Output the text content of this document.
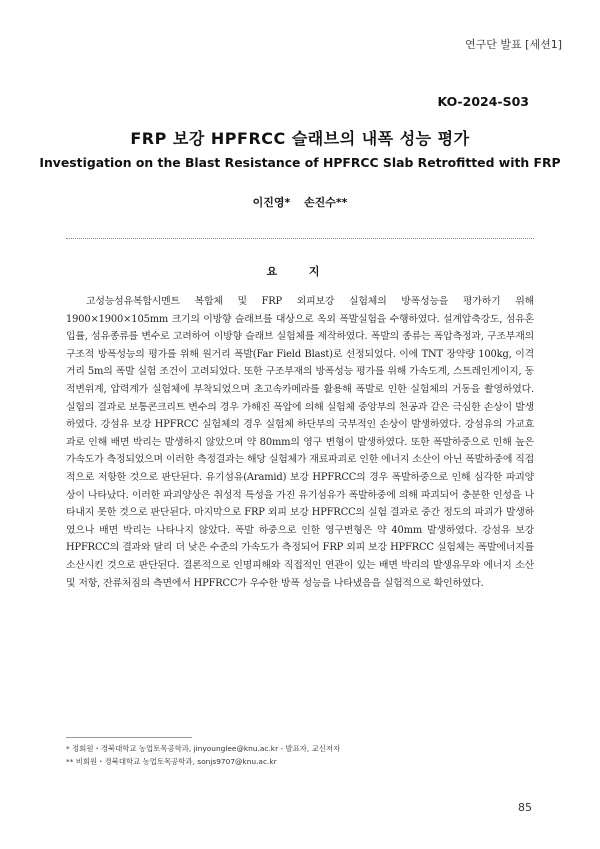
연구단 발표 [세션1]
KO-2024-S03
FRP 보강 HPFRCC 슬래브의 내폭 성능 평가
Investigation on the Blast Resistance of HPFRCC Slab Retrofitted with FRP
이진영* 손진수**
요 지
고성능섬유복합시멘트 복합체 및 FRP 외피보강 실험체의 방폭성능을 평가하기 위해 1900×1900×105mm 크기의 이방향 슬래브를 대상으로 옥외 폭발실험을 수행하였다. 설계압축강도, 섬유혼입률, 섬유종류를 변수로 고려하여 이방향 슬래브 실험체를 제작하였다. 폭발의 종류는 폭압측정과, 구조부재의 구조적 방폭성능의 평가를 위해 원거리 폭발(Far Field Blast)로 선정되었다. 이에 TNT 장약량 100kg, 이격거리 5m의 폭발 실험 조건이 고려되었다. 또한 구조부재의 방폭성능 평가를 위해 가속도계, 스트레인게이지, 동적변위계, 압력계가 실험체에 부착되었으며 초고속카메라를 활용해 폭발로 인한 실험체의 거동을 촬영하였다. 실험의 결과로 보통콘크리트 변수의 경우 가해진 폭압에 의해 실험체 중앙부의 천공과 같은 극심한 손상이 발생하였다. 강섬유 보강 HPFRCC 실험체의 경우 실험체 하단부의 국부적인 손상이 발생하였다. 강섬유의 가교효과로 인해 배면 박리는 발생하지 않았으며 약 80mm의 영구 변형이 발생하였다. 또한 폭발하중으로 인해 높은 가속도가 측정되었으며 이러한 측정결과는 해당 실험체가 재료파괴로 인한 에너지 소산이 아닌 폭발하중에 직접적으로 저항한 것으로 판단된다. 유기섬유(Aramid) 보강 HPFRCC의 경우 폭발하중으로 인해 심각한 파괴양상이 나타났다. 이러한 파괴양상은 취성적 특성을 가진 유기섬유가 폭발하중에 의해 파괴되어 충분한 인성을 나타내지 못한 것으로 판단된다. 마지막으로 FRP 외피 보강 HPFRCC의 실험 결과로 중간 정도의 파괴가 발생하였으나 배면 박리는 나타나지 않았다. 폭발 하중으로 인한 영구변형은 약 40mm 발생하였다. 강섬유 보강 HPFRCC의 결과와 달리 더 낮은 수준의 가속도가 측정되어 FRP 외피 보강 HPFRCC 실험체는 폭발에너지를 소산시킨 것으로 판단된다. 결론적으로 인명피해와 직접적인 연관이 있는 배면 박리의 발생유무와 에너지 소산 및 저항, 잔류처짐의 측면에서 HPFRCC가 우수한 방폭 성능을 나타냈음을 실험적으로 확인하였다.
* 정회원・경북대학교 농업토목공학과, jinyounglee@knu.ac.kr - 발표자, 교신저자
** 비회원・경북대학교 농업토목공학과, sonjs9707@knu.ac.kr
85
